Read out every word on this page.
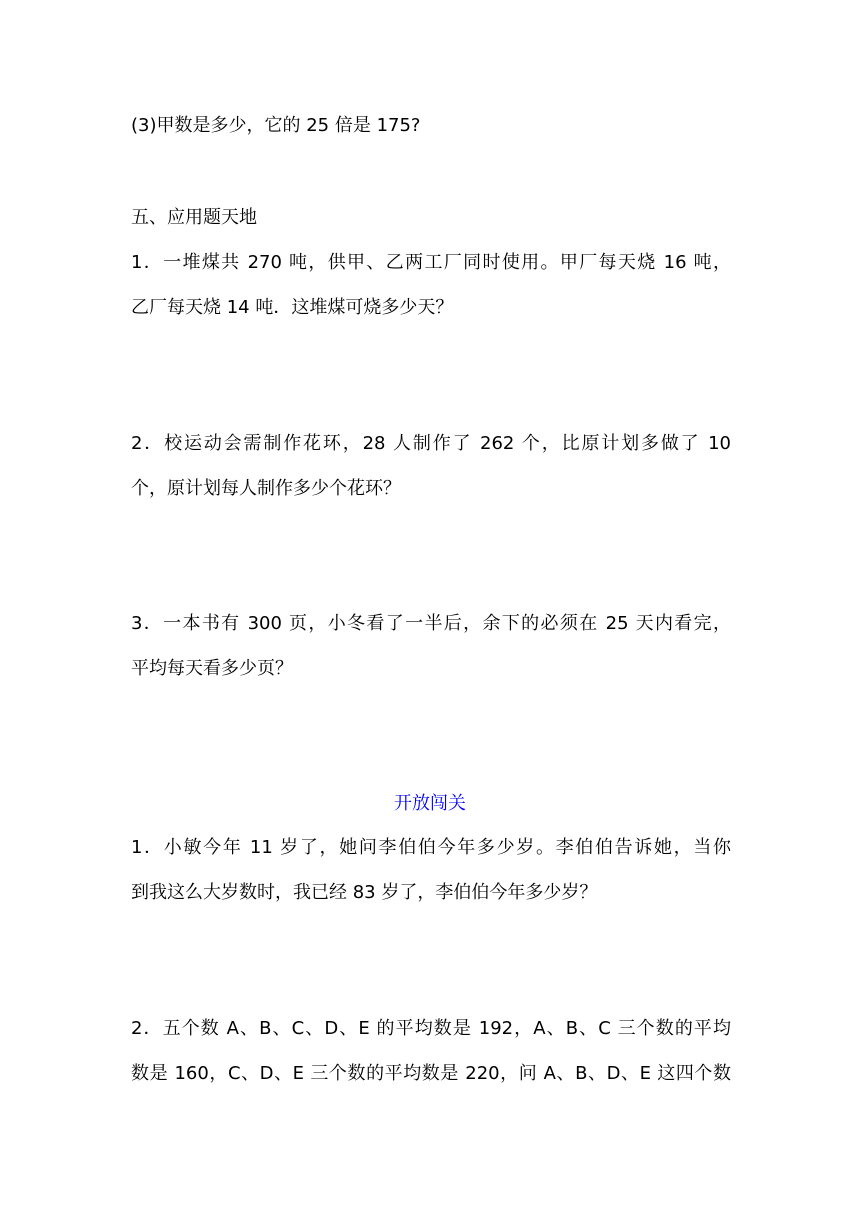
(3)甲数是多少，它的 25 倍是 175?
五、应用题天地
1．一堆煤共 270 吨，供甲、乙两工厂同时使用。甲厂每天烧 16 吨，
乙厂每天烧 14 吨．这堆煤可烧多少天？
2．校运动会需制作花环，28 人制作了 262 个，比原计划多做了 10
个，原计划每人制作多少个花环？
3．一本书有 300 页，小冬看了一半后，余下的必须在 25 天内看完，
平均每天看多少页？
开放闯关
1．小敏今年 11 岁了，她问李伯伯今年多少岁。李伯伯告诉她，当你
到我这么大岁数时，我已经 83 岁了，李伯伯今年多少岁？
2．五个数 A、B、C、D、E 的平均数是 192，A、B、C 三个数的平均
数是 160，C、D、E 三个数的平均数是 220，问 A、B、D、E 这四个数
